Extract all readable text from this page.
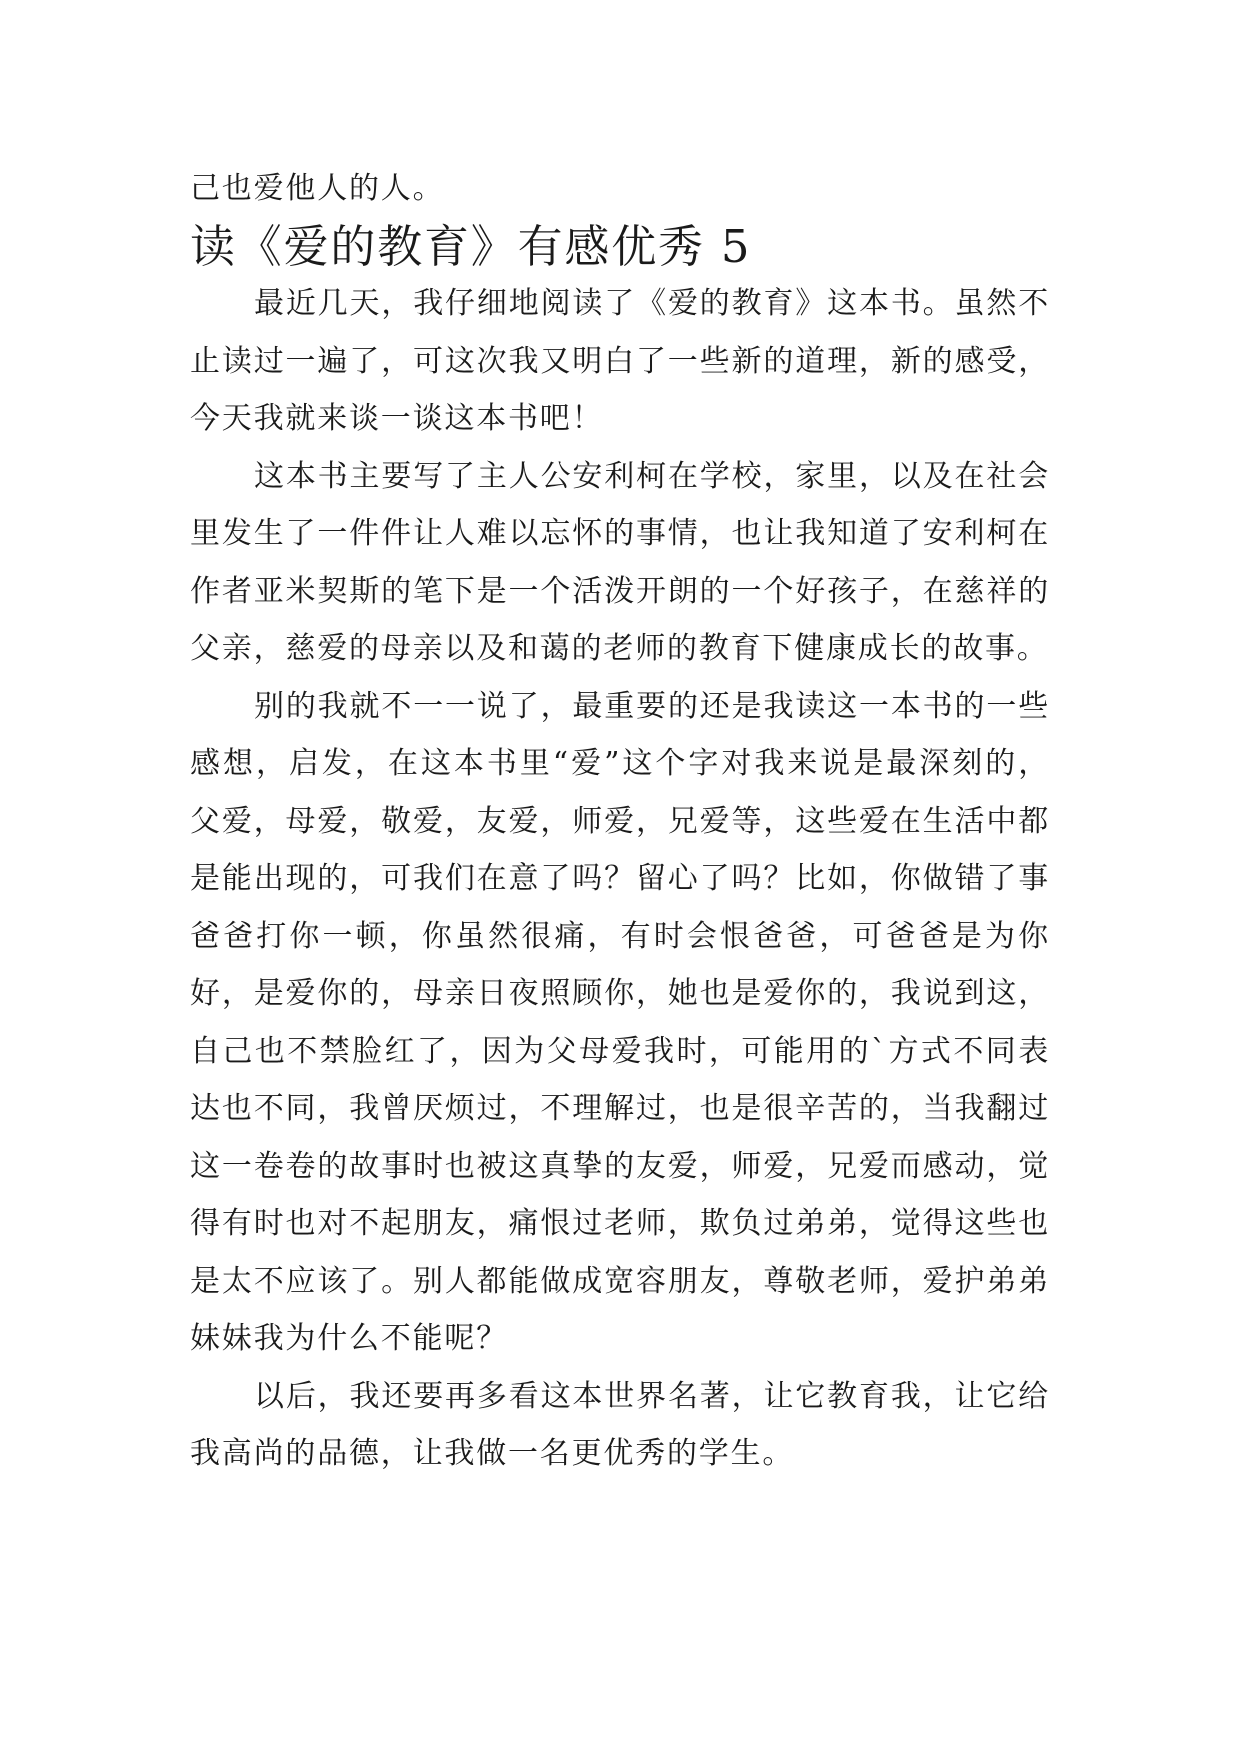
己也爱他人的人。

读《爱的教育》有感优秀 5

最近几天，我仔细地阅读了《爱的教育》这本书。虽然不止读过一遍了，可这次我又明白了一些新的道理，新的感受，今天我就来谈一谈这本书吧！

这本书主要写了主人公安利柯在学校，家里，以及在社会里发生了一件件让人难以忘怀的事情，也让我知道了安利柯在作者亚米契斯的笔下是一个活泼开朗的一个好孩子，在慈祥的父亲，慈爱的母亲以及和蔼的老师的教育下健康成长的故事。

别的我就不一一说了，最重要的还是我读这一本书的一些感想，启发，在这本书里“爱”这个字对我来说是最深刻的，父爱，母爱，敬爱，友爱，师爱，兄爱等，这些爱在生活中都是能出现的，可我们在意了吗？留心了吗？比如，你做错了事爸爸打你一顿，你虽然很痛，有时会恨爸爸，可爸爸是为你好，是爱你的，母亲日夜照顾你，她也是爱你的，我说到这，自己也不禁脸红了，因为父母爱我时，可能用的`方式不同表达也不同，我曾厌烦过，不理解过，也是很辛苦的，当我翻过这一卷卷的故事时也被这真挚的友爱，师爱，兄爱而感动，觉得有时也对不起朋友，痛恨过老师，欺负过弟弟，觉得这些也是太不应该了。别人都能做成宽容朋友，尊敬老师，爱护弟弟妹妹我为什么不能呢？

以后，我还要再多看这本世界名著，让它教育我，让它给我高尚的品德，让我做一名更优秀的学生。
